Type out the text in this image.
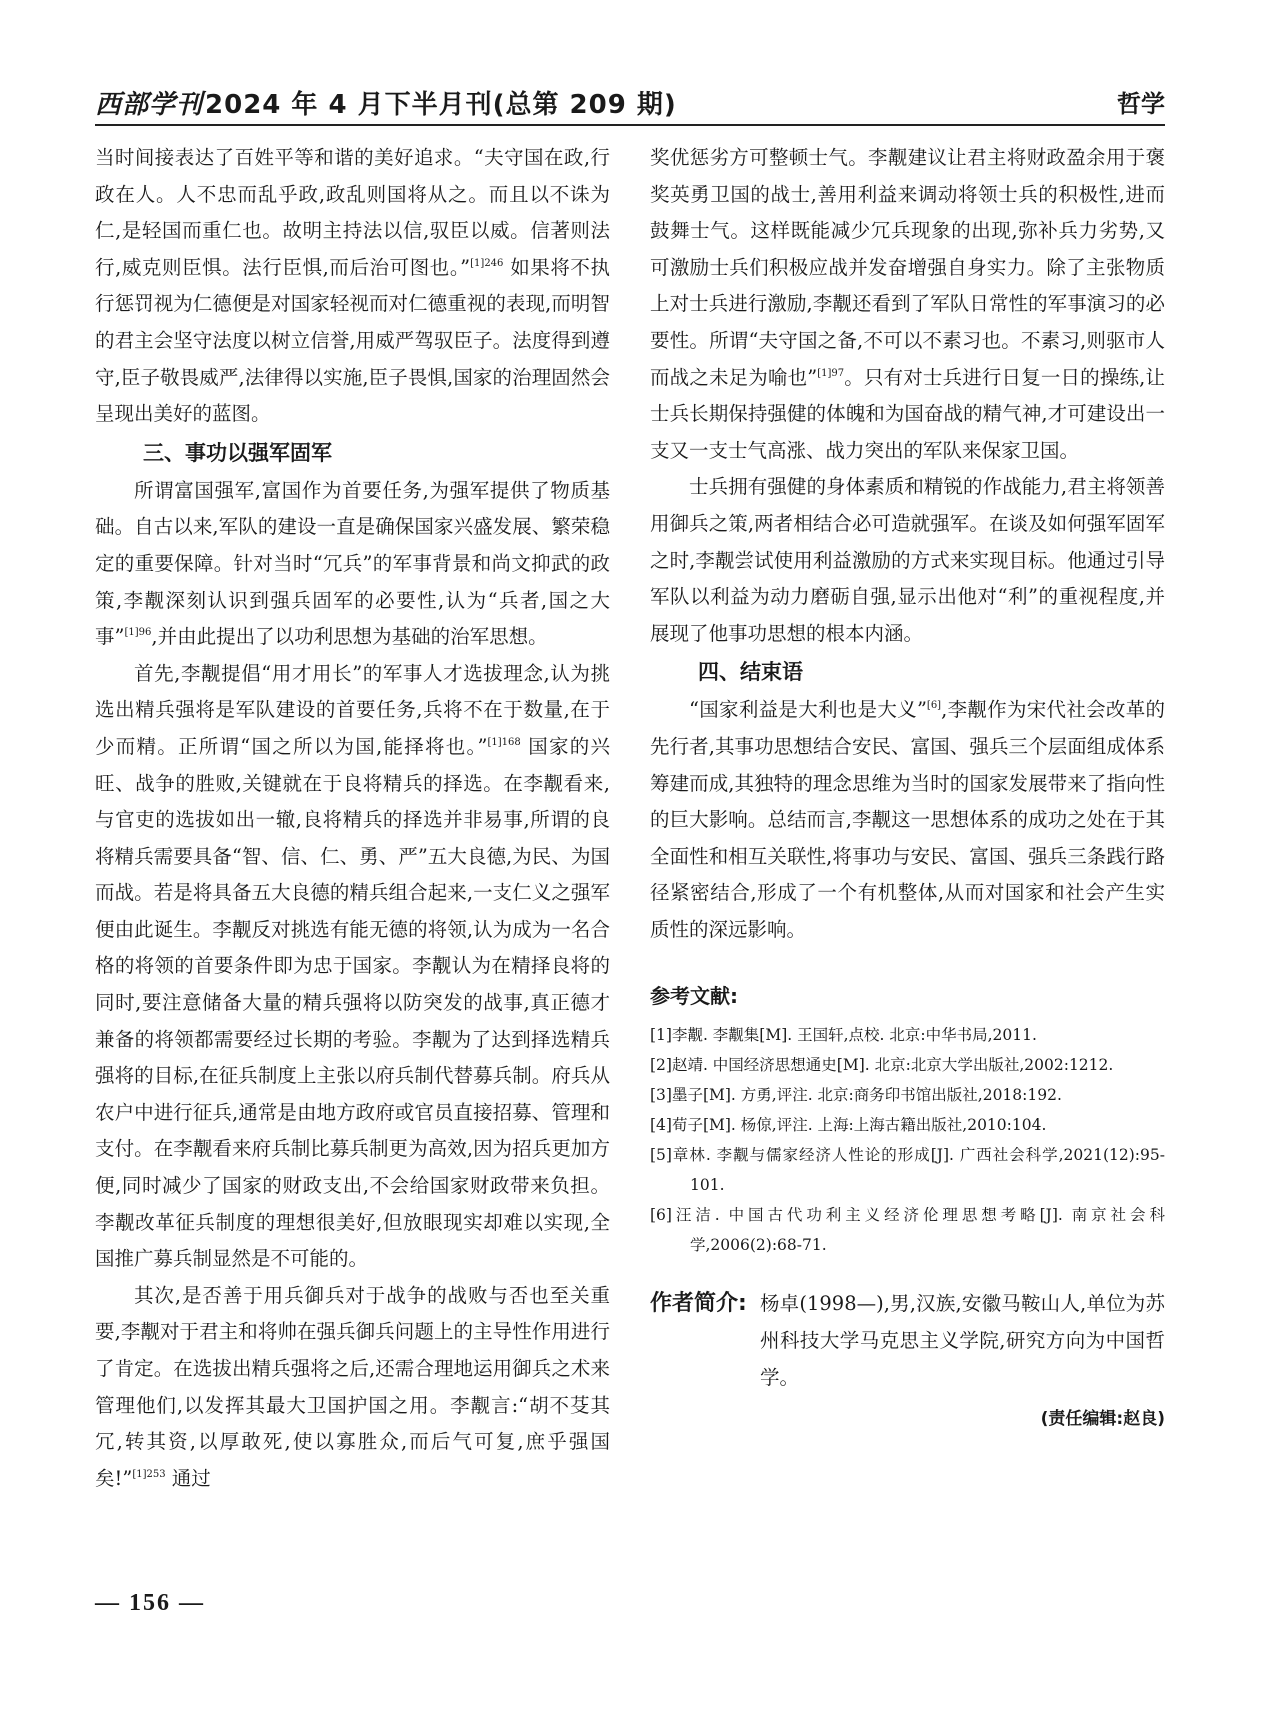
西部学刊2024 年 4 月下半月刊(总第 209 期)	哲学

当时间接表达了百姓平等和谐的美好追求。“夫守国在政,行政在人。人不忠而乱乎政,政乱则国将从之。而且以不诛为仁,是轻国而重仁也。故明主持法以信,驭臣以威。信著则法行,威克则臣惧。法行臣惧,而后治可图也。”$^{[1]246}$ 如果将不执行惩罚视为仁德便是对国家轻视而对仁德重视的表现,而明智的君主会坚守法度以树立信誉,用威严驾驭臣子。法度得到遵守,臣子敬畏威严,法律得以实施,臣子畏惧,国家的治理固然会呈现出美好的蓝图。

三、事功以强军固军

所谓富国强军,富国作为首要任务,为强军提供了物质基础。自古以来,军队的建设一直是确保国家兴盛发展、繁荣稳定的重要保障。针对当时“冗兵”的军事背景和尚文抑武的政策,李觏深刻认识到强兵固军的必要性,认为“兵者,国之大事”$^{[1]96}$,并由此提出了以功利思想为基础的治军思想。

首先,李觏提倡“用才用长”的军事人才选拔理念,认为挑选出精兵强将是军队建设的首要任务,兵将不在于数量,在于少而精。正所谓“国之所以为国,能择将也。”$^{[1]168}$ 国家的兴旺、战争的胜败,关键就在于良将精兵的择选。在李觏看来,与官吏的选拔如出一辙,良将精兵的择选并非易事,所谓的良将精兵需要具备“智、信、仁、勇、严”五大良德,为民、为国而战。若是将具备五大良德的精兵组合起来,一支仁义之强军便由此诞生。李觏反对挑选有能无德的将领,认为成为一名合格的将领的首要条件即为忠于国家。李觏认为在精择良将的同时,要注意储备大量的精兵强将以防突发的战事,真正德才兼备的将领都需要经过长期的考验。李觏为了达到择选精兵强将的目标,在征兵制度上主张以府兵制代替募兵制。府兵从农户中进行征兵,通常是由地方政府或官员直接招募、管理和支付。在李觏看来府兵制比募兵制更为高效,因为招兵更加方便,同时减少了国家的财政支出,不会给国家财政带来负担。李觏改革征兵制度的理想很美好,但放眼现实却难以实现,全国推广募兵制显然是不可能的。

其次,是否善于用兵御兵对于战争的战败与否也至关重要,李觏对于君主和将帅在强兵御兵问题上的主导性作用进行了肯定。在选拔出精兵强将之后,还需合理地运用御兵之术来管理他们,以发挥其最大卫国护国之用。李觏言:“胡不芟其冗,转其资,以厚敢死,使以寡胜众,而后气可复,庶乎强国矣!”$^{[1]253}$ 通过

奖优惩劣方可整顿士气。李觏建议让君主将财政盈余用于褒奖英勇卫国的战士,善用利益来调动将领士兵的积极性,进而鼓舞士气。这样既能减少冗兵现象的出现,弥补兵力劣势,又可激励士兵们积极应战并发奋增强自身实力。除了主张物质上对士兵进行激励,李觏还看到了军队日常性的军事演习的必要性。所谓“夫守国之备,不可以不素习也。不素习,则驱市人而战之未足为喻也”$^{[1]97}$。只有对士兵进行日复一日的操练,让士兵长期保持强健的体魄和为国奋战的精气神,才可建设出一支又一支士气高涨、战力突出的军队来保家卫国。

士兵拥有强健的身体素质和精锐的作战能力,君主将领善用御兵之策,两者相结合必可造就强军。在谈及如何强军固军之时,李觏尝试使用利益激励的方式来实现目标。他通过引导军队以利益为动力磨砺自强,显示出他对“利”的重视程度,并展现了他事功思想的根本内涵。

四、结束语

“国家利益是大利也是大义”[6],李觏作为宋代社会改革的先行者,其事功思想结合安民、富国、强兵三个层面组成体系筹建而成,其独特的理念思维为当时的国家发展带来了指向性的巨大影响。总结而言,李觏这一思想体系的成功之处在于其全面性和相互关联性,将事功与安民、富国、强兵三条践行路径紧密结合,形成了一个有机整体,从而对国家和社会产生实质性的深远影响。

参考文献:
[1]李觏. 李觏集[M]. 王国轩,点校. 北京:中华书局,2011.
[2]赵靖. 中国经济思想通史[M]. 北京:北京大学出版社,2002:1212.
[3]墨子[M]. 方勇,评注. 北京:商务印书馆出版社,2018:192.
[4]荀子[M]. 杨倞,评注. 上海:上海古籍出版社,2010:104.
[5]章林. 李觏与儒家经济人性论的形成[J]. 广西社会科学,2021(12):95-101.
[6]汪洁. 中国古代功利主义经济伦理思想考略[J]. 南京社会科学,2006(2):68-71.
作者简介: 杨卓(1998—),男,汉族,安徽马鞍山人,单位为苏州科技大学马克思主义学院,研究方向为中国哲学。
(责任编辑:赵良)
— 156 —
